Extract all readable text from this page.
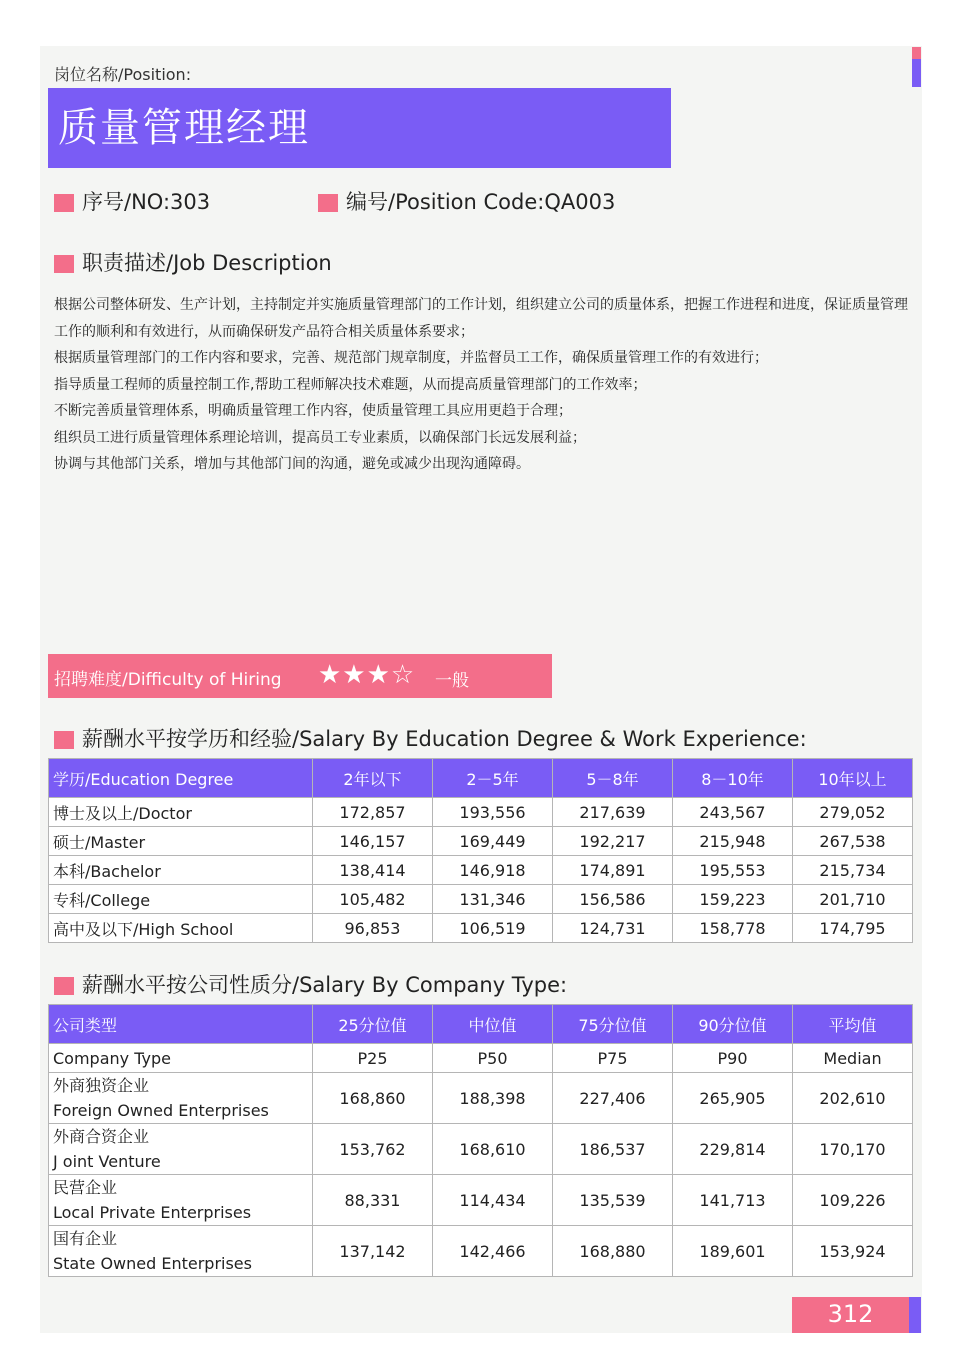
岗位名称/Position:
质量管理经理
序号/NO:303	编号/Position Code:QA003
职责描述/Job Description

根据公司整体研发、生产计划，主持制定并实施质量管理部门的工作计划，组织建立公司的质量体系，把握工作进程和进度，保证质量管理工作的顺利和有效进行，从而确保研发产品符合相关质量体系要求；

根据质量管理部门的工作内容和要求，完善、规范部门规章制度，并监督员工工作，确保质量管理工作的有效进行；

指导质量工程师的质量控制工作,帮助工程师解决技术难题，从而提高质量管理部门的工作效率；

不断完善质量管理体系，明确质量管理工作内容，使质量管理工具应用更趋于合理；

组织员工进行质量管理体系理论培训，提高员工专业素质，以确保部门长远发展利益；

协调与其他部门关系，增加与其他部门间的沟通，避免或减少出现沟通障碍。

招聘难度/Difficulty of Hiring ★★★☆ 一般
薪酬水平按学历和经验/Salary By Education Degree & Work Experience:
学历/Education Degree	2年以下	2－5年	5－8年	8－10年	10年以上
博士及以上/Doctor	172,857	193,556	217,639	243,567	279,052
硕士/Master	146,157	169,449	192,217	215,948	267,538
本科/Bachelor	138,414	146,918	174,891	195,553	215,734
专科/College	105,482	131,346	156,586	159,223	201,710
高中及以下/High School	96,853	106,519	124,731	158,778	174,795
薪酬水平按公司性质分/Salary By Company Type:
公司类型	25分位值	中位值	75分位值	90分位值	平均值
Company Type	P25	P50	P75	P90	Median

外商独资企业
Foreign Owned Enterprises	168,860	188,398	227,406	265,905	202,610

外商合资企业
J oint Venture	153,762	168,610	186,537	229,814	170,170

民营企业
Local Private Enterprises	88,331	114,434	135,539	141,713	109,226

国有企业
State Owned Enterprises	137,142	142,466	168,880	189,601	153,924
312
